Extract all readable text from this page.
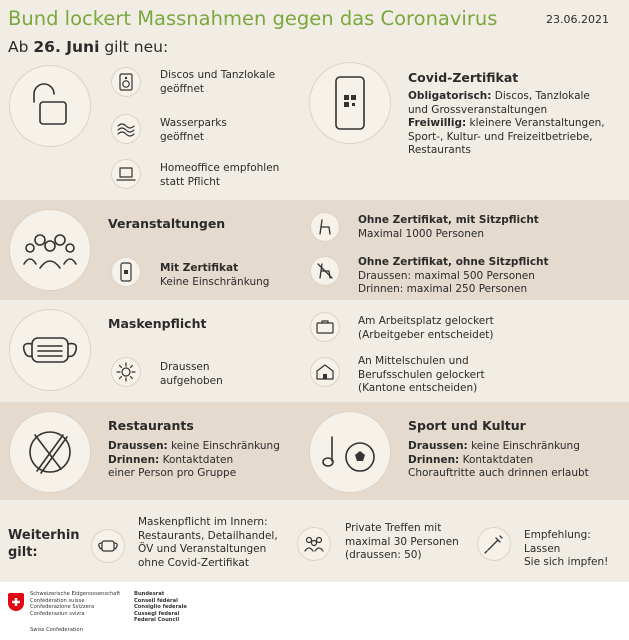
Bund lockert Massnahmen gegen das Coronavirus	23.06.2021
Ab 26. Juni gilt neu:
Discos und Tanzlokale
geöffnet
Wasserparks
geöffnet
Homeoffice empfohlen
statt Pflicht
Covid-Zertifikat
Obligatorisch: Discos, Tanzlokale
und Grossveranstaltungen
Freiwillig: kleinere Veranstaltungen,
Sport-, Kultur- und Freizeitbetriebe,
Restaurants
Veranstaltungen
Mit Zertifikat
Keine Einschränkung
Ohne Zertifikat, mit Sitzpflicht
Maximal 1000 Personen
Ohne Zertifikat, ohne Sitzpflicht
Draussen: maximal 500 Personen
Drinnen: maximal 250 Personen
Maskenpflicht
Draussen
aufgehoben
Am Arbeitsplatz gelockert
(Arbeitgeber entscheidet)
An Mittelschulen und
Berufsschulen gelockert
(Kantone entscheiden)
Restaurants
Draussen: keine Einschränkung
Drinnen: Kontaktdaten
einer Person pro Gruppe
Sport und Kultur
Draussen: keine Einschränkung
Drinnen: Kontaktdaten
Chorauftritte auch drinnen erlaubt
Weiterhin
gilt:
Maskenpflicht im Innern:
Restaurants, Detailhandel,
ÖV und Veranstaltungen
ohne Covid-Zertifikat
Private Treffen mit
maximal 30 Personen
(draussen: 50)
Empfehlung: Lassen
Sie sich impfen!
Schweizerische Eidgenossenschaft
Confédération suisse
Confederazione Svizzera
Confederaziun svizra
Swiss Confederation
Bundesrat
Conseil fédéral
Consiglio federale
Cussegl federal
Federal Council
